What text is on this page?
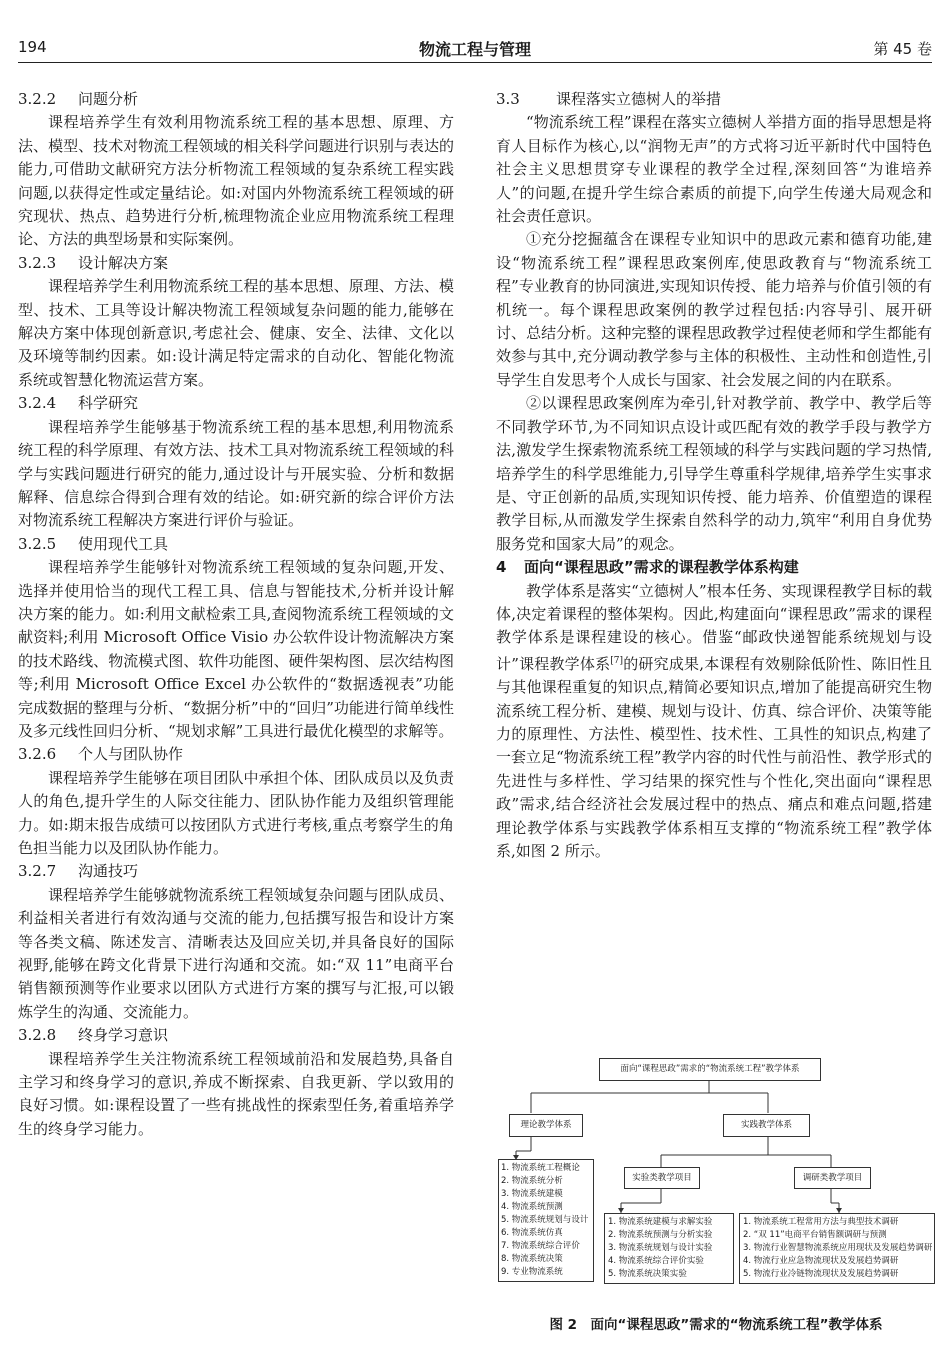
194	物流工程与管理	第 45 卷
3.2.2 问题分析

课程培养学生有效利用物流系统工程的基本思想、原理、方法、模型、技术对物流工程领域的相关科学问题进行识别与表达的能力,可借助文献研究方法分析物流工程领域的复杂系统工程实践问题,以获得定性或定量结论。如:对国内外物流系统工程领域的研究现状、热点、趋势进行分析,梳理物流企业应用物流系统工程理论、方法的典型场景和实际案例。

3.2.3 设计解决方案

课程培养学生利用物流系统工程的基本思想、原理、方法、模型、技术、工具等设计解决物流工程领域复杂问题的能力,能够在解决方案中体现创新意识,考虑社会、健康、安全、法律、文化以及环境等制约因素。如:设计满足特定需求的自动化、智能化物流系统或智慧化物流运营方案。

3.2.4 科学研究

课程培养学生能够基于物流系统工程的基本思想,利用物流系统工程的科学原理、有效方法、技术工具对物流系统工程领域的科学与实践问题进行研究的能力,通过设计与开展实验、分析和数据解释、信息综合得到合理有效的结论。如:研究新的综合评价方法对物流系统工程解决方案进行评价与验证。

3.2.5 使用现代工具

课程培养学生能够针对物流系统工程领域的复杂问题,开发、选择并使用恰当的现代工程工具、信息与智能技术,分析并设计解决方案的能力。如:利用文献检索工具,查阅物流系统工程领域的文献资料;利用 Microsoft Office Visio 办公软件设计物流解决方案的技术路线、物流模式图、软件功能图、硬件架构图、层次结构图等;利用 Microsoft Office Excel 办公软件的“数据透视表”功能完成数据的整理与分析、“数据分析”中的“回归”功能进行简单线性及多元线性回归分析、“规划求解”工具进行最优化模型的求解等。

3.2.6 个人与团队协作

课程培养学生能够在项目团队中承担个体、团队成员以及负责人的角色,提升学生的人际交往能力、团队协作能力及组织管理能力。如:期末报告成绩可以按团队方式进行考核,重点考察学生的角色担当能力以及团队协作能力。

3.2.7 沟通技巧

课程培养学生能够就物流系统工程领域复杂问题与团队成员、利益相关者进行有效沟通与交流的能力,包括撰写报告和设计方案等各类文稿、陈述发言、清晰表达及回应关切,并具备良好的国际视野,能够在跨文化背景下进行沟通和交流。如:“双 11”电商平台销售额预测等作业要求以团队方式进行方案的撰写与汇报,可以锻炼学生的沟通、交流能力。

3.2.8 终身学习意识

课程培养学生关注物流系统工程领域前沿和发展趋势,具备自主学习和终身学习的意识,养成不断探索、自我更新、学以致用的良好习惯。如:课程设置了一些有挑战性的探索型任务,着重培养学生的终身学习能力。

3.3 课程落实立德树人的举措

“物流系统工程”课程在落实立德树人举措方面的指导思想是将育人目标作为核心,以“润物无声”的方式将习近平新时代中国特色社会主义思想贯穿专业课程的教学全过程,深刻回答“为谁培养人”的问题,在提升学生综合素质的前提下,向学生传递大局观念和社会责任意识。

①充分挖掘蕴含在课程专业知识中的思政元素和德育功能,建设“物流系统工程”课程思政案例库,使思政教育与“物流系统工程”专业教育的协同演进,实现知识传授、能力培养与价值引领的有机统一。每个课程思政案例的教学过程包括:内容导引、展开研讨、总结分析。这种完整的课程思政教学过程使老师和学生都能有效参与其中,充分调动教学参与主体的积极性、主动性和创造性,引导学生自发思考个人成长与国家、社会发展之间的内在联系。

②以课程思政案例库为牵引,针对教学前、教学中、教学后等不同教学环节,为不同知识点设计或匹配有效的教学手段与教学方法,激发学生探索物流系统工程领域的科学与实践问题的学习热情,培养学生的科学思维能力,引导学生尊重科学规律,培养学生实事求是、守正创新的品质,实现知识传授、能力培养、价值塑造的课程教学目标,从而激发学生探索自然科学的动力,筑牢“利用自身优势服务党和国家大局”的观念。

4 面向“课程思政”需求的课程教学体系构建

教学体系是落实“立德树人”根本任务、实现课程教学目标的载体,决定着课程的整体架构。因此,构建面向“课程思政”需求的课程教学体系是课程建设的核心。借鉴“邮政快递智能系统规划与设计”课程教学体系[7]的研究成果,本课程有效剔除低阶性、陈旧性且与其他课程重复的知识点,精简必要知识点,增加了能提高研究生物流系统工程分析、建模、规划与设计、仿真、综合评价、决策等能力的原理性、方法性、模型性、技术性、工具性的知识点,构建了一套立足“物流系统工程”教学内容的时代性与前沿性、教学形式的先进性与多样性、学习结果的探究性与个性化,突出面向“课程思政”需求,结合经济社会发展过程中的热点、痛点和难点问题,搭建理论教学体系与实践教学体系相互支撑的“物流系统工程”教学体系,如图 2 所示。

面向“课程思政”需求的“物流系统工程”教学体系
理论教学体系	实践教学体系
实验类教学项目	调研类教学项目
1. 物流系统工程概论
2. 物流系统分析
3. 物流系统建模
4. 物流系统预测
5. 物流系统规划与设计
6. 物流系统仿真
7. 物流系统综合评价
8. 物流系统决策
9. 专业物流系统
1. 物流系统建模与求解实验
2. 物流系统预测与分析实验
3. 物流系统规划与设计实验
4. 物流系统综合评价实验
5. 物流系统决策实验
1. 物流系统工程常用方法与典型技术调研
2. “双 11”电商平台销售额调研与预测
3. 物流行业智慧物流系统应用现状及发展趋势调研
4. 物流行业应急物流现状及发展趋势调研
5. 物流行业冷链物流现状及发展趋势调研
图 2　面向“课程思政”需求的“物流系统工程”教学体系
